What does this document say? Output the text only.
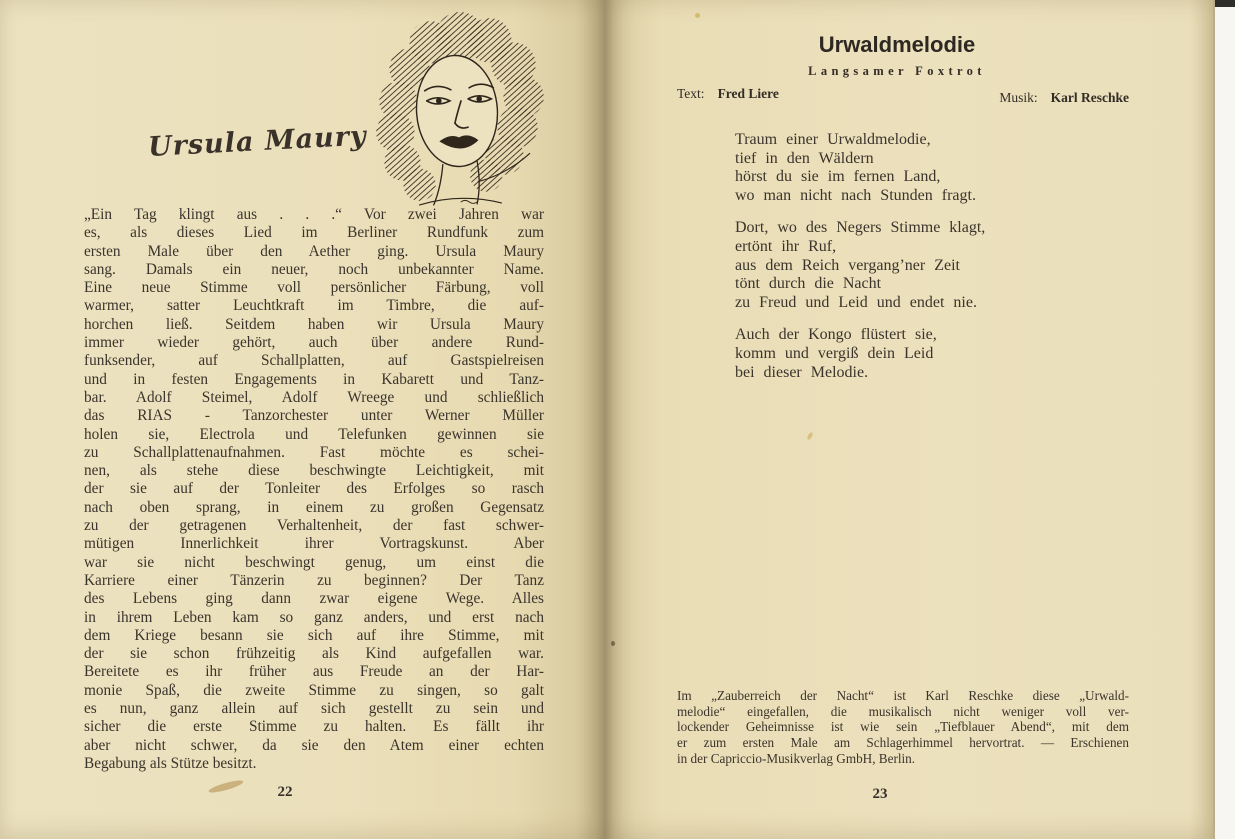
Ursula Maury
„Ein Tag klingt aus . . .“ Vor zwei Jahren war
es, als dieses Lied im Berliner Rundfunk zum
ersten Male über den Aether ging. Ursula Maury
sang. Damals ein neuer, noch unbekannter Name.
Eine neue Stimme voll persönlicher Färbung, voll
warmer, satter Leuchtkraft im Timbre, die auf-
horchen ließ. Seitdem haben wir Ursula Maury
immer wieder gehört, auch über andere Rund-
funksender, auf Schallplatten, auf Gastspielreisen
und in festen Engagements in Kabarett und Tanz-
bar. Adolf Steimel, Adolf Wreege und schließlich
das RIAS - Tanzorchester unter Werner Müller
holen sie, Electrola und Telefunken gewinnen sie
zu Schallplattenaufnahmen. Fast möchte es schei-
nen, als stehe diese beschwingte Leichtigkeit, mit
der sie auf der Tonleiter des Erfolges so rasch
nach oben sprang, in einem zu großen Gegensatz
zu der getragenen Verhaltenheit, der fast schwer-
mütigen Innerlichkeit ihrer Vortragskunst. Aber
war sie nicht beschwingt genug, um einst die
Karriere einer Tänzerin zu beginnen? Der Tanz
des Lebens ging dann zwar eigene Wege. Alles
in ihrem Leben kam so ganz anders, und erst nach
dem Kriege besann sie sich auf ihre Stimme, mit
der sie schon frühzeitig als Kind aufgefallen war.
Bereitete es ihr früher aus Freude an der Har-
monie Spaß, die zweite Stimme zu singen, so galt
es nun, ganz allein auf sich gestellt zu sein und
sicher die erste Stimme zu halten. Es fällt ihr
aber nicht schwer, da sie den Atem einer echten
Begabung als Stütze besitzt.
22
Urwaldmelodie
Langsamer Foxtrot
Text: Fred Liere	Musik: Karl Reschke
Traum einer Urwaldmelodie,
tief in den Wäldern
hörst du sie im fernen Land,
wo man nicht nach Stunden fragt.
Dort, wo des Negers Stimme klagt,
ertönt ihr Ruf,
aus dem Reich vergang’ner Zeit
tönt durch die Nacht
zu Freud und Leid und endet nie.
Auch der Kongo flüstert sie,
komm und vergiß dein Leid
bei dieser Melodie.
Im „Zauberreich der Nacht“ ist Karl Reschke diese „Urwald-
melodie“ eingefallen, die musikalisch nicht weniger voll ver-
lockender Geheimnisse ist wie sein „Tiefblauer Abend“, mit dem
er zum ersten Male am Schlagerhimmel hervortrat. — Erschienen
in der Capriccio-Musikverlag GmbH, Berlin.
23
